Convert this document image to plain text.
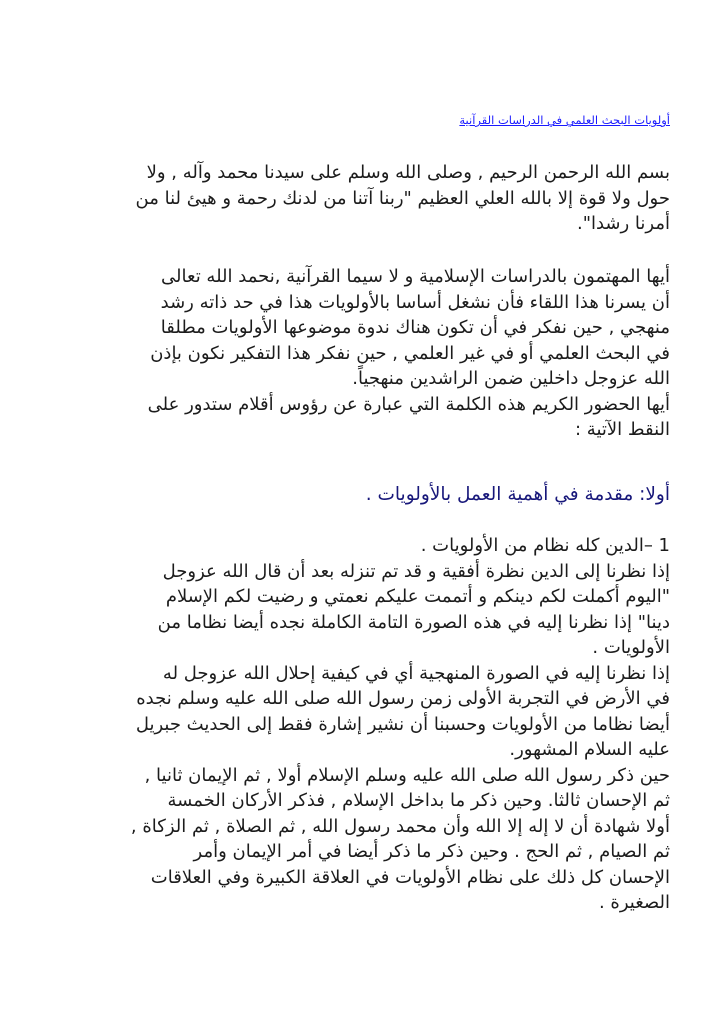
أولويات البحث العلمي في الدراسات القرآنية
بسم الله الرحمن الرحيم , وصلى الله وسلم على سيدنا محمد وآله , ولا
حول ولا قوة إلا بالله العلي العظيم "ربنا آتنا من لدنك رحمة و هيئ لنا من
أمرنا رشدا".
أيها المهتمون بالدراسات الإسلامية و لا سيما القرآنية ,نحمد الله تعالى
أن يسرنا هذا اللقاء فأن نشغل أساسا بالأولويات هذا في حد ذاته رشد
منهجي , حين نفكر في أن تكون هناك ندوة موضوعها الأولويات مطلقا
في البحث العلمي أو في غير العلمي , حين نفكر هذا التفكير نكون بإذن
الله عزوجل داخلين ضمن الراشدين منهجياً.
أيها الحضور الكريم هذه الكلمة التي عبارة عن رؤوس أقلام ستدور على
النقط الآتية :
أولا: مقدمة في أهمية العمل بالأولويات .
1 –الدين كله نظام من الأولويات .
إذا نظرنا إلى الدين نظرة أفقية و قد تم تنزله بعد أن قال الله عزوجل
"اليوم أكملت لكم دينكم و أتممت عليكم نعمتي و رضيت لكم الإسلام
دينا" إذا نظرنا إليه في هذه الصورة التامة الكاملة نجده أيضا نظاما من
الأولويات .
إذا نظرنا إليه في الصورة المنهجية أي في كيفية إحلال الله عزوجل له
في الأرض في التجربة الأولى زمن رسول الله صلى الله عليه وسلم نجده
أيضا نظاما من الأولويات وحسبنا أن نشير إشارة فقط إلى الحديث جبريل
عليه السلام المشهور.
حين ذكر رسول الله صلى الله عليه وسلم الإسلام أولا , ثم الإيمان ثانيا ,
ثم الإحسان ثالثا. وحين ذكر ما بداخل الإسلام , فذكر الأركان الخمسة
أولا شهادة أن لا إله إلا الله وأن محمد رسول الله , ثم الصلاة , ثم الزكاة ,
ثم الصيام , ثم الحج . وحين ذكر ما ذكر أيضا في أمر الإيمان وأمر
الإحسان كل ذلك على نظام الأولويات في العلاقة الكبيرة وفي العلاقات
الصغيرة .
